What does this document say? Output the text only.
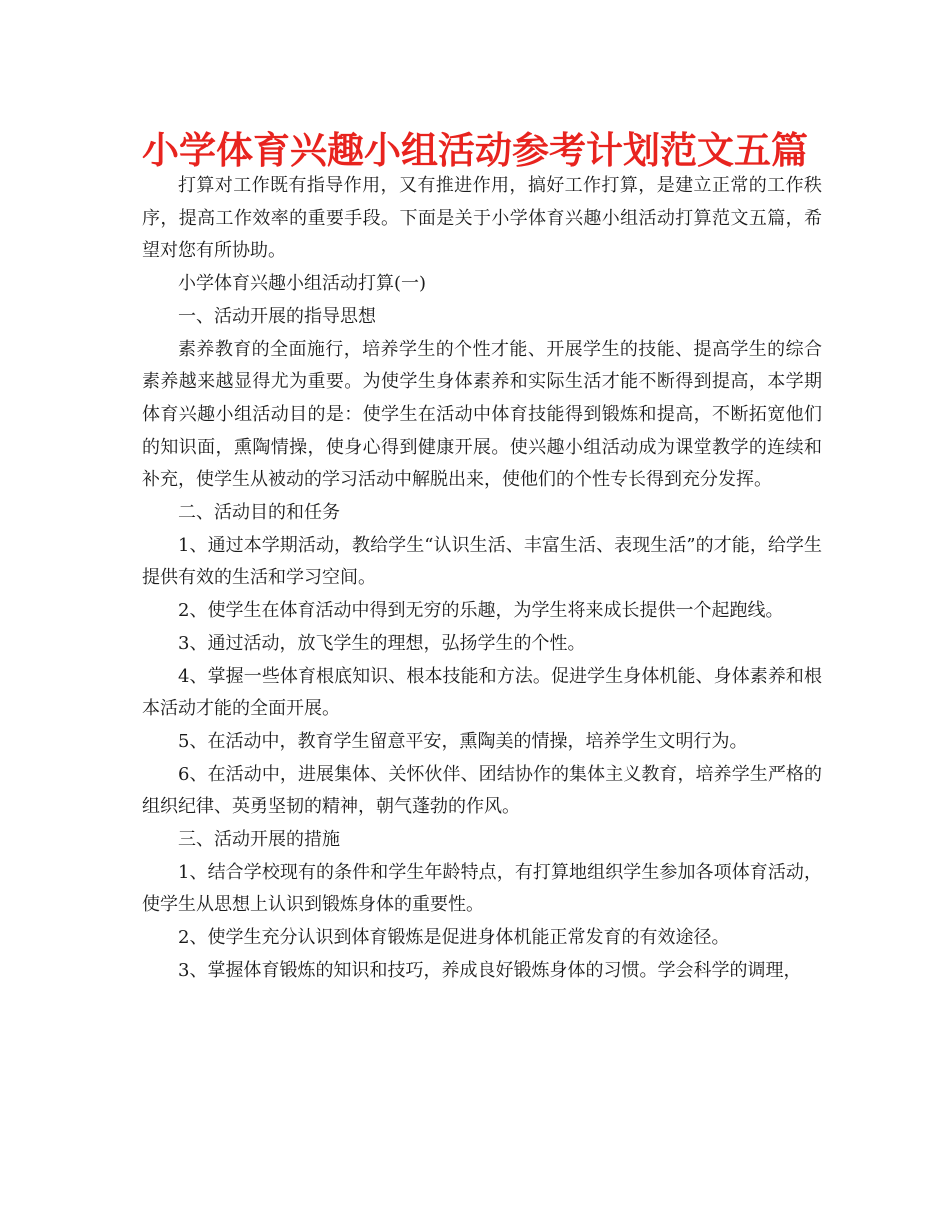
小学体育兴趣小组活动参考计划范文五篇

打算对工作既有指导作用，又有推进作用，搞好工作打算，是建立正常的工作秩序，提高工作效率的重要手段。下面是关于小学体育兴趣小组活动打算范文五篇，希望对您有所协助。

小学体育兴趣小组活动打算(一)

一、活动开展的指导思想

素养教育的全面施行，培养学生的个性才能、开展学生的技能、提高学生的综合素养越来越显得尤为重要。为使学生身体素养和实际生活才能不断得到提高，本学期体育兴趣小组活动目的是：使学生在活动中体育技能得到锻炼和提高，不断拓宽他们的知识面，熏陶情操，使身心得到健康开展。使兴趣小组活动成为课堂教学的连续和补充，使学生从被动的学习活动中解脱出来，使他们的个性专长得到充分发挥。

二、活动目的和任务

1、通过本学期活动，教给学生“认识生活、丰富生活、表现生活”的才能，给学生提供有效的生活和学习空间。

2、使学生在体育活动中得到无穷的乐趣，为学生将来成长提供一个起跑线。

3、通过活动，放飞学生的理想，弘扬学生的个性。

4、掌握一些体育根底知识、根本技能和方法。促进学生身体机能、身体素养和根本活动才能的全面开展。

5、在活动中，教育学生留意平安，熏陶美的情操，培养学生文明行为。

6、在活动中，进展集体、关怀伙伴、团结协作的集体主义教育，培养学生严格的组织纪律、英勇坚韧的精神，朝气蓬勃的作风。

三、活动开展的措施

1、结合学校现有的条件和学生年龄特点，有打算地组织学生参加各项体育活动，使学生从思想上认识到锻炼身体的重要性。

2、使学生充分认识到体育锻炼是促进身体机能正常发育的有效途径。

3、掌握体育锻炼的知识和技巧，养成良好锻炼身体的习惯。学会科学的调理，
